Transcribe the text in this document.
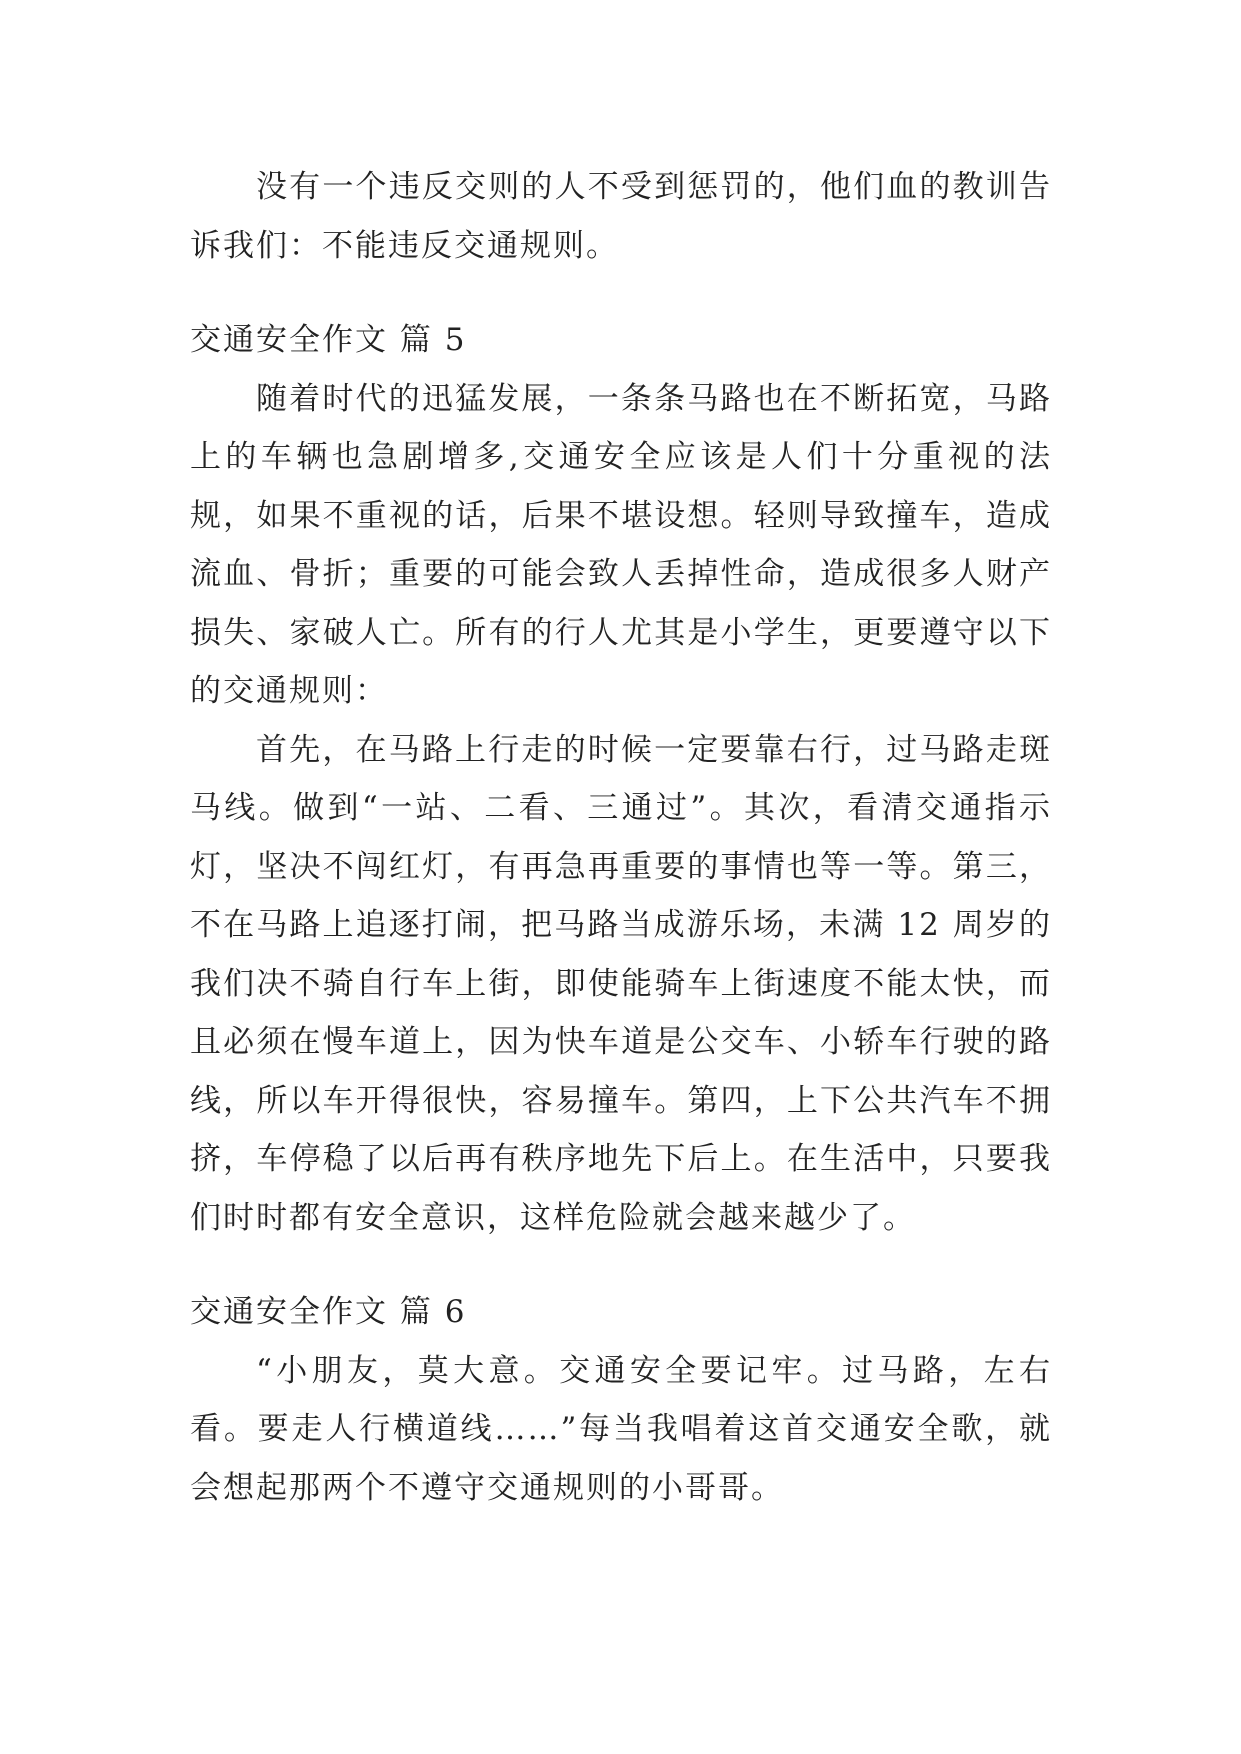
没有一个违反交则的人不受到惩罚的，他们血的教训告诉我们：不能违反交通规则。

交通安全作文 篇 5

随着时代的迅猛发展，一条条马路也在不断拓宽，马路上的车辆也急剧增多,交通安全应该是人们十分重视的法规，如果不重视的话，后果不堪设想。轻则导致撞车，造成流血、骨折；重要的可能会致人丢掉性命，造成很多人财产损失、家破人亡。所有的行人尤其是小学生，更要遵守以下的交通规则：

首先，在马路上行走的时候一定要靠右行，过马路走斑马线。做到“一站、二看、三通过”。其次，看清交通指示灯，坚决不闯红灯，有再急再重要的事情也等一等。第三，不在马路上追逐打闹，把马路当成游乐场，未满 12 周岁的我们决不骑自行车上街，即使能骑车上街速度不能太快，而且必须在慢车道上，因为快车道是公交车、小轿车行驶的路线，所以车开得很快，容易撞车。第四，上下公共汽车不拥挤，车停稳了以后再有秩序地先下后上。在生活中，只要我们时时都有安全意识，这样危险就会越来越少了。

交通安全作文 篇 6

“小朋友，莫大意。交通安全要记牢。过马路，左右看。要走人行横道线……”每当我唱着这首交通安全歌，就会想起那两个不遵守交通规则的小哥哥。
